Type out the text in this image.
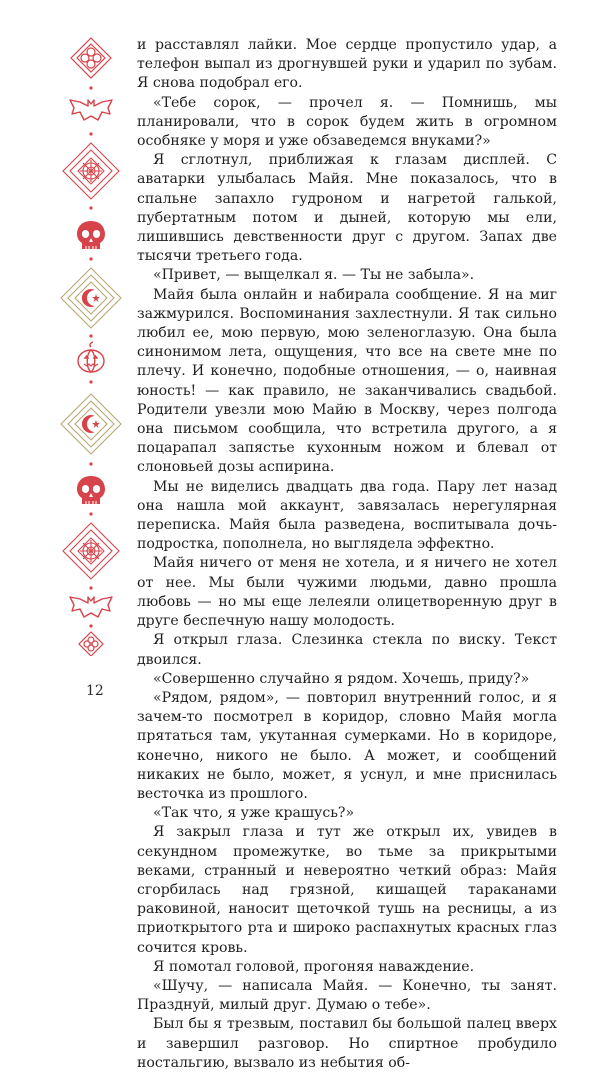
и расставлял лайки. Мое сердце пропустило удар, а телефон выпал из дрогнувшей руки и ударил по зубам. Я снова подобрал его.

«Тебе сорок, — прочел я. — Помнишь, мы планировали, что в сорок будем жить в огромном особняке у моря и уже обзаведемся внуками?»

Я сглотнул, приближая к глазам дисплей. С аватарки улыбалась Майя. Мне показалось, что в спальне запахло гудроном и нагретой галькой, пубертатным потом и дыней, которую мы ели, лишившись девственности друг с другом. Запах две тысячи третьего года.

«Привет, — выщелкал я. — Ты не забыла».

Майя была онлайн и набирала сообщение. Я на миг зажмурился. Воспоминания захлестнули. Я так сильно любил ее, мою первую, мою зеленоглазую. Она была синонимом лета, ощущения, что все на свете мне по плечу. И конечно, подобные отношения, — о, наивная юность! — как правило, не заканчивались свадьбой. Родители увезли мою Майю в Москву, через полгода она письмом сообщила, что встретила другого, а я поцарапал запястье кухонным ножом и блевал от слоновьей дозы аспирина.

Мы не виделись двадцать два года. Пару лет назад она нашла мой аккаунт, завязалась нерегулярная переписка. Майя была разведена, воспитывала дочь-подростка, пополнела, но выглядела эффектно.

Майя ничего от меня не хотела, и я ничего не хотел от нее. Мы были чужими людьми, давно прошла любовь — но мы еще лелеяли олицетворенную друг в друге беспечную нашу молодость.

Я открыл глаза. Слезинка стекла по виску. Текст двоился.

«Совершенно случайно я рядом. Хочешь, приду?»

«Рядом, рядом», — повторил внутренний голос, и я зачем-то посмотрел в коридор, словно Майя могла прятаться там, укутанная сумерками. Но в коридоре, конечно, никого не было. А может, и сообщений никаких не было, может, я уснул, и мне приснилась весточка из прошлого.

«Так что, я уже крашусь?»

Я закрыл глаза и тут же открыл их, увидев в секундном промежутке, во тьме за прикрытыми веками, странный и невероятно четкий образ: Майя сгорбилась над грязной, кишащей тараканами раковиной, наносит щеточкой тушь на ресницы, а из приоткрытого рта и широко распахнутых красных глаз сочится кровь.

Я помотал головой, прогоняя наваждение.

«Шучу, — написала Майя. — Конечно, ты занят. Празднуй, милый друг. Думаю о тебе».

Был бы я трезвым, поставил бы большой палец вверх и завершил разговор. Но спиртное пробудило ностальгию, вызвало из небытия об-

12
